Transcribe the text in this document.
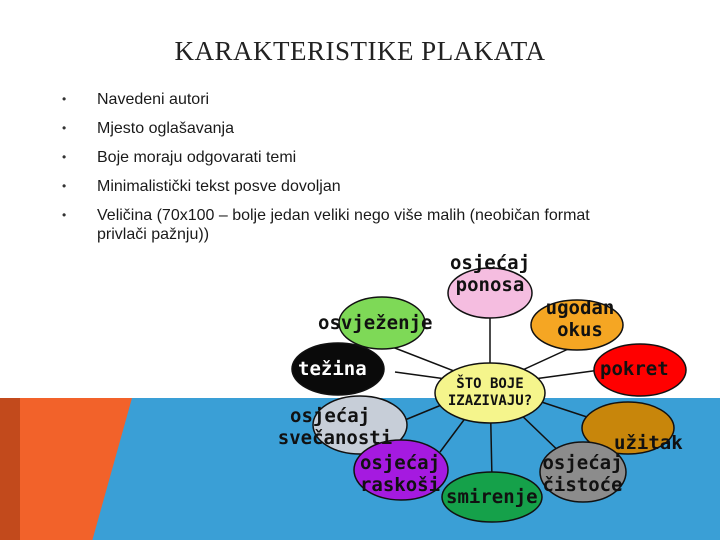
KARAKTERISTIKE PLAKATA
• Navedeni autori
• Mjesto oglašavanja
• Boje moraju odgovarati temi
• Minimalistički tekst posve dovoljan
• Veličina (70x100 – bolje jedan veliki nego više malih (neobičan format privlači pažnju))
ŠTO BOJE
IZAZIVAJU?
osjećaj
ponosa
ugodan
okus
osvježenje
težina	pokret
osjećaj
svečanosti	užitak
osjećaj
raskoši
smirenje
osjećaj
čistoće
